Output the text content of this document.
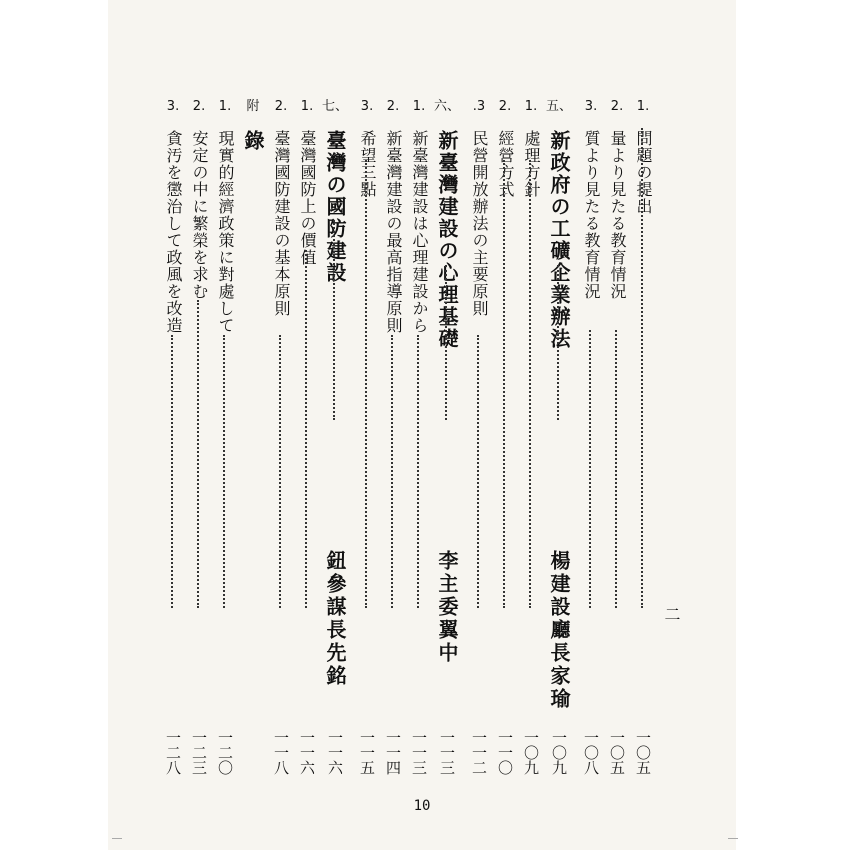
1.
問題の提出
一〇五
2.
量より見たる教育情況
一〇五
3.
質より見たる教育情況
一〇八
五、
新政府の工礦企業辦法
楊建設廳長家瑜
一〇九
1.
處理方針
一〇九
2.
經營方式
一一〇
.3
民營開放辦法の主要原則
一一二
六、
新臺灣建設の心理基礎
李主委翼中
一一三
1.
新臺灣建設は心理建設から
一一三
2.
新臺灣建設の最高指導原則
一一四
3.
希望三點
一一五
七、
臺灣の國防建設
鈕參謀長先銘
一一六
1.
臺灣國防上の價值
一一六
2.
臺灣國防建設の基本原則
一一八
附
錄
1.
現實的經濟政策に對處して
一二〇
2.
安定の中に繁榮を求む
一二三
3.
貪汚を懲治して政風を改造
一二八
二
10
